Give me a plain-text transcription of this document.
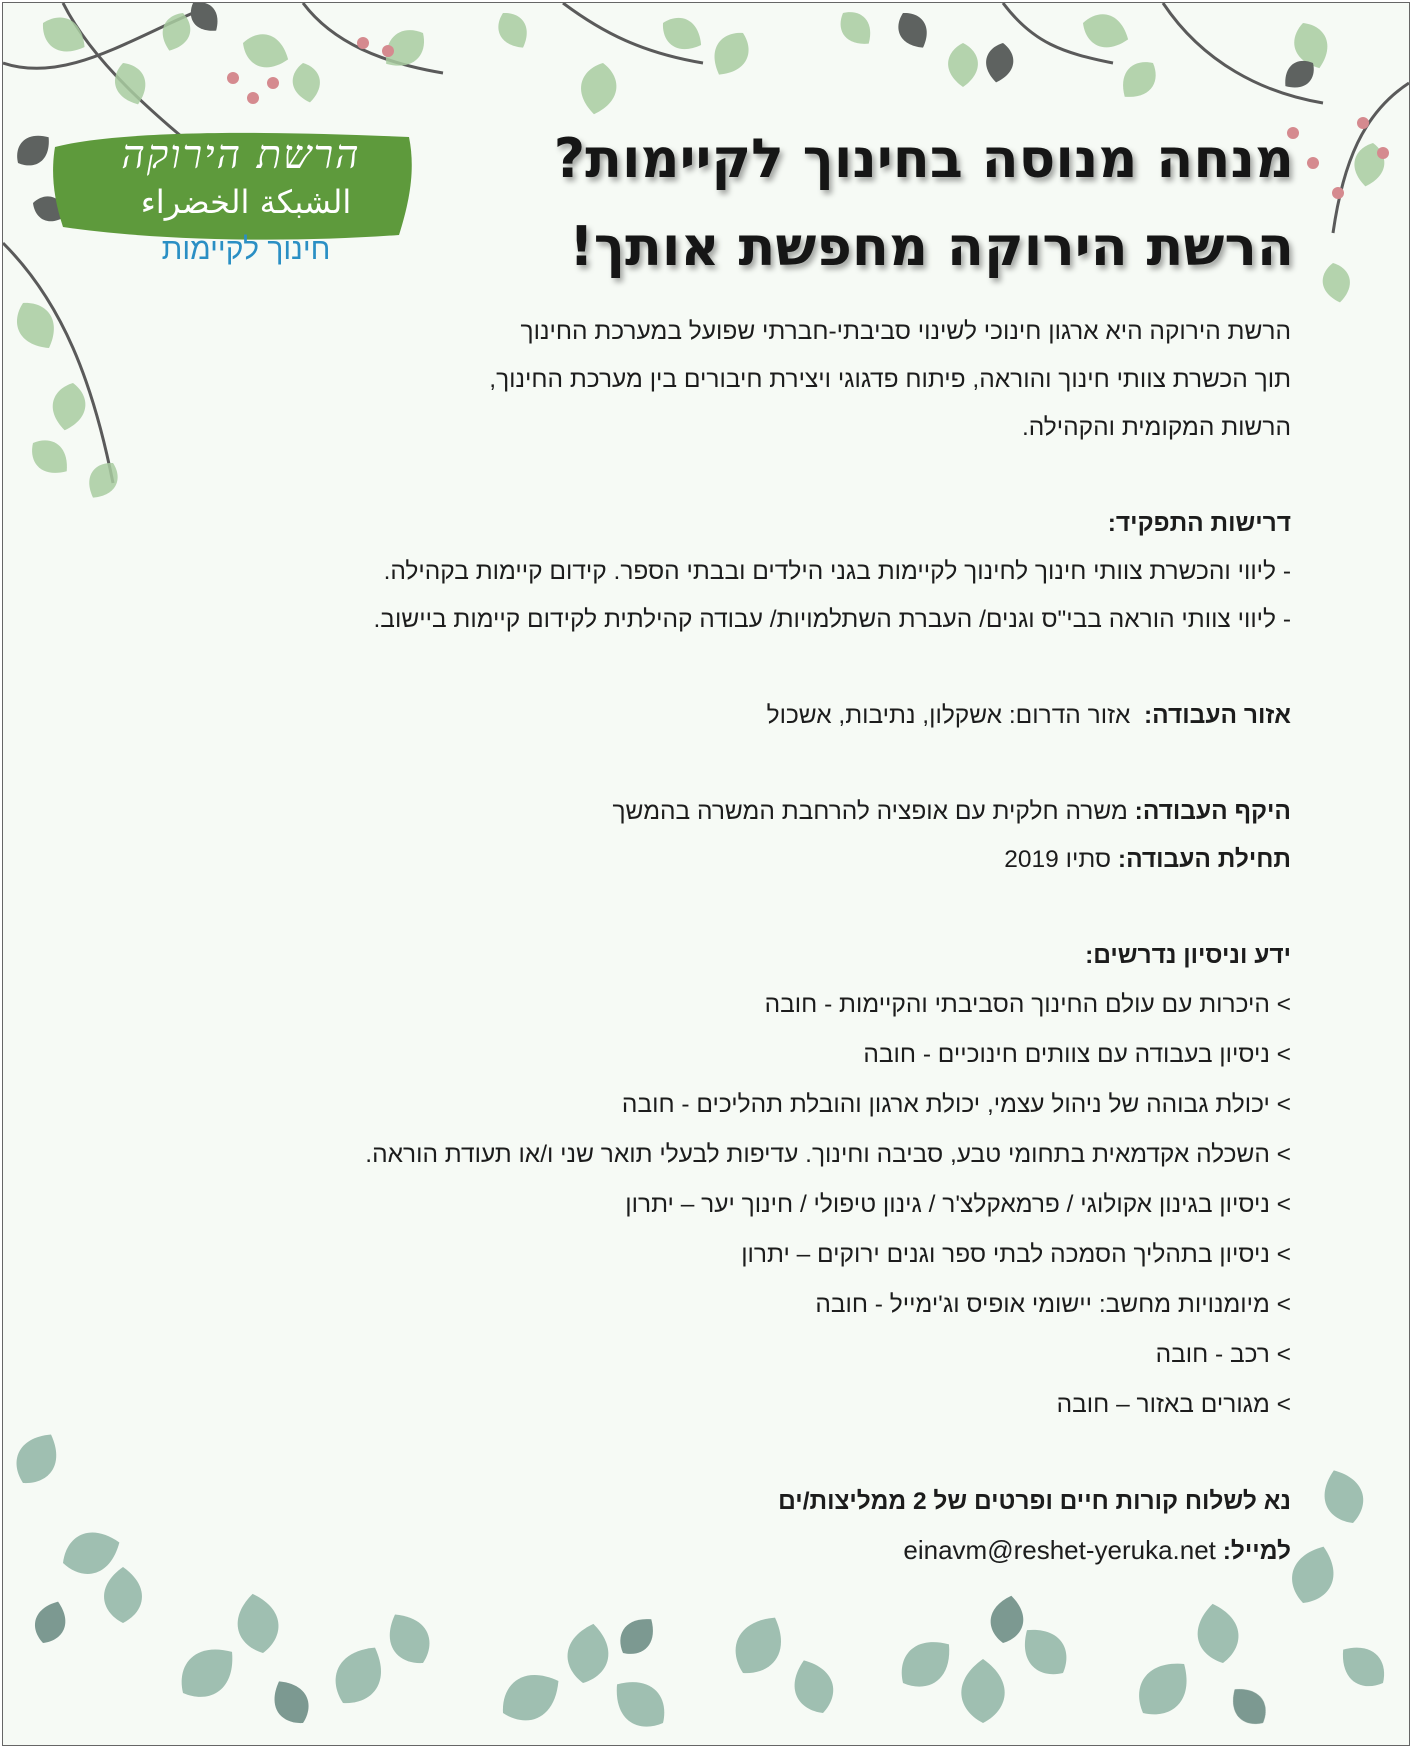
הרשת הירוקה
الشبكة الخضراء
חינוך לקיימות
מנחה מנוסה בחינוך לקיימות?
הרשת הירוקה מחפשת אותך!

הרשת הירוקה היא ארגון חינוכי לשינוי סביבתי-חברתי שפועל במערכת החינוך

תוך הכשרת צוותי חינוך והוראה, פיתוח פדגוגי ויצירת חיבורים בין מערכת החינוך,

הרשות המקומית והקהילה.

דרישות התפקיד:

- ליווי והכשרת צוותי חינוך לחינוך לקיימות בגני הילדים ובבתי הספר. קידום קיימות בקהילה.

- ליווי צוותי הוראה בבי"ס וגנים/ העברת השתלמויות/ עבודה קהילתית לקידום קיימות ביישוב.

אזור העבודה:  אזור הדרום: אשקלון, נתיבות, אשכול

היקף העבודה: משרה חלקית עם אופציה להרחבת המשרה בהמשך

תחילת העבודה: סתיו 2019

ידע וניסיון נדרשים:

> היכרות עם עולם החינוך הסביבתי והקיימות - חובה
> ניסיון בעבודה עם צוותים חינוכיים - חובה
> יכולת גבוהה של ניהול עצמי, יכולת ארגון והובלת תהליכים - חובה
> השכלה אקדמאית בתחומי טבע, סביבה וחינוך. עדיפות לבעלי תואר שני ו/או תעודת הוראה.
> ניסיון בגינון אקולוגי / פרמאקלצ'ר / גינון טיפולי / חינוך יער – יתרון
> ניסיון בתהליך הסמכה לבתי ספר וגנים ירוקים – יתרון
> מיומנויות מחשב: יישומי אופיס וג'ימייל - חובה
> רכב - חובה
> מגורים באזור – חובה

נא לשלוח קורות חיים ופרטים של 2 ממליצות/ים

למייל: einavm@reshet-yeruka.net
